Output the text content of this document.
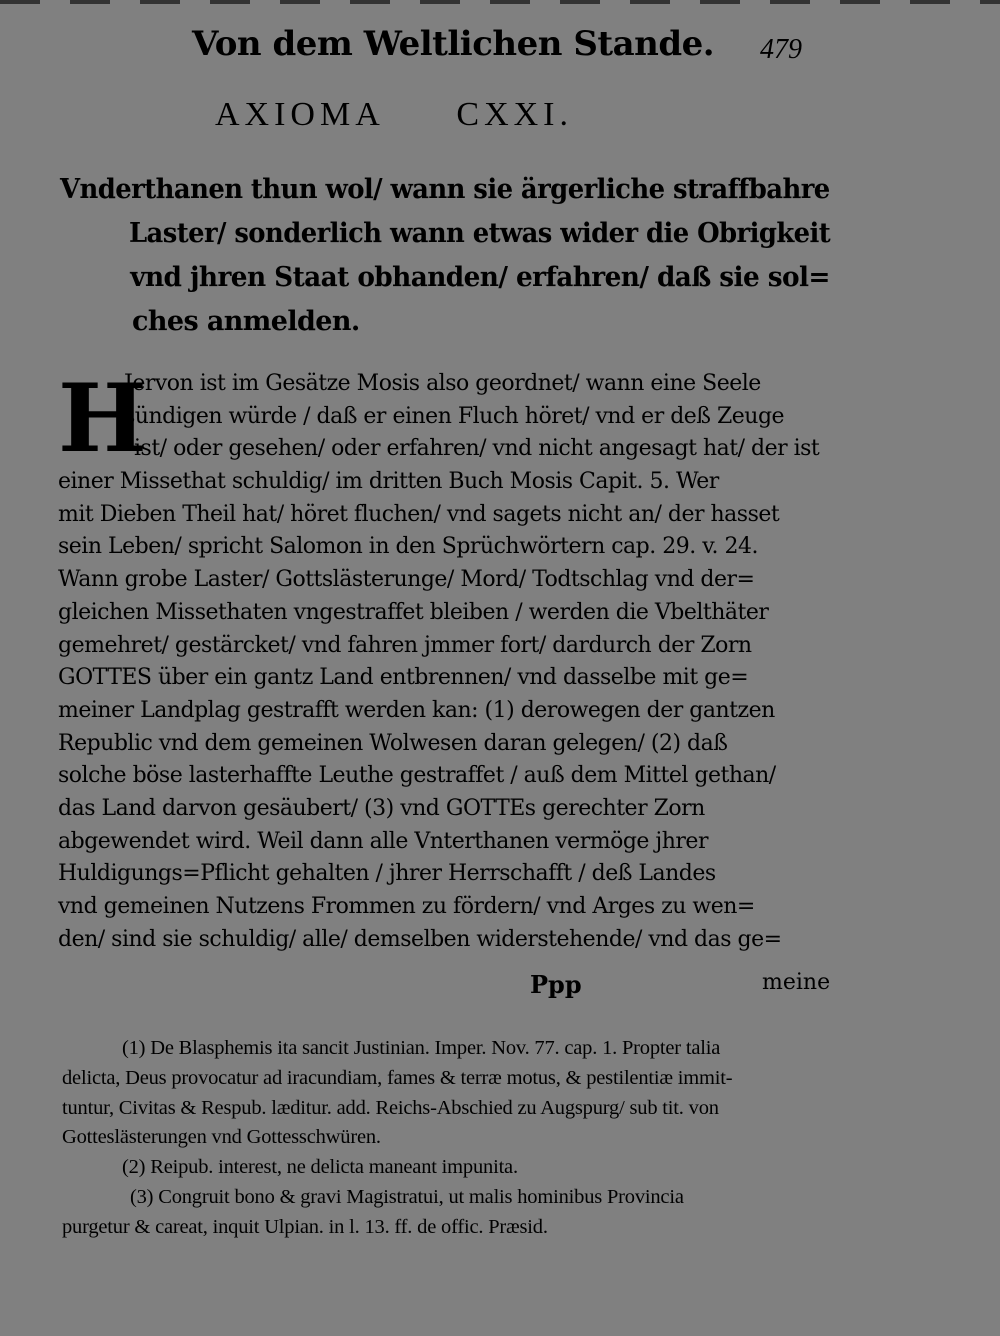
Von dem Weltlichen Stande. 479
AXIOMA CXXI.
Vnderthanen thun wol/ wann sie ärgerliche straffbahre
Laster/ sonderlich wann etwas wider die Obrigkeit
vnd jhren Staat obhanden/ erfahren/ daß sie sol=
ches anmelden.
H
Jervon ist im Gesätze Mosis also geordnet/ wann eine Seele
sündigen würde / daß er einen Fluch höret/ vnd er deß Zeuge
ist/ oder gesehen/ oder erfahren/ vnd nicht angesagt hat/ der ist
einer Missethat schuldig/ im dritten Buch Mosis Capit. 5. Wer
mit Dieben Theil hat/ höret fluchen/ vnd sagets nicht an/ der hasset
sein Leben/ spricht Salomon in den Sprüchwörtern cap. 29. v. 24.
Wann grobe Laster/ Gottslästerunge/ Mord/ Todtschlag vnd der=
gleichen Missethaten vngestraffet bleiben / werden die Vbelthäter
gemehret/ gestärcket/ vnd fahren jmmer fort/ dardurch der Zorn
GOTTES über ein gantz Land entbrennen/ vnd dasselbe mit ge=
meiner Landplag gestrafft werden kan: (1) derowegen der gantzen
Republic vnd dem gemeinen Wolwesen daran gelegen/ (2) daß
solche böse lasterhaffte Leuthe gestraffet / auß dem Mittel gethan/
das Land darvon gesäubert/ (3) vnd GOTTEs gerechter Zorn
abgewendet wird. Weil dann alle Vnterthanen vermöge jhrer
Huldigungs=Pflicht gehalten / jhrer Herrschafft / deß Landes
vnd gemeinen Nutzens Frommen zu fördern/ vnd Arges zu wen=
den/ sind sie schuldig/ alle/ demselben widerstehende/ vnd das ge=
Ppp	meine
(1) De Blasphemis ita sancit Justinian. Imper. Nov. 77. cap. 1. Propter talia
delicta, Deus provocatur ad iracundiam, fames & terræ motus, & pestilentiæ immit-
tuntur, Civitas & Respub. læditur. add. Reichs-Abschied zu Augspurg/ sub tit. von
Gotteslästerungen vnd Gottesschwüren.
(2) Reipub. interest, ne delicta maneant impunita.
(3) Congruit bono & gravi Magistratui, ut malis hominibus Provincia
purgetur & careat, inquit Ulpian. in l. 13. ff. de offic. Præsid.
